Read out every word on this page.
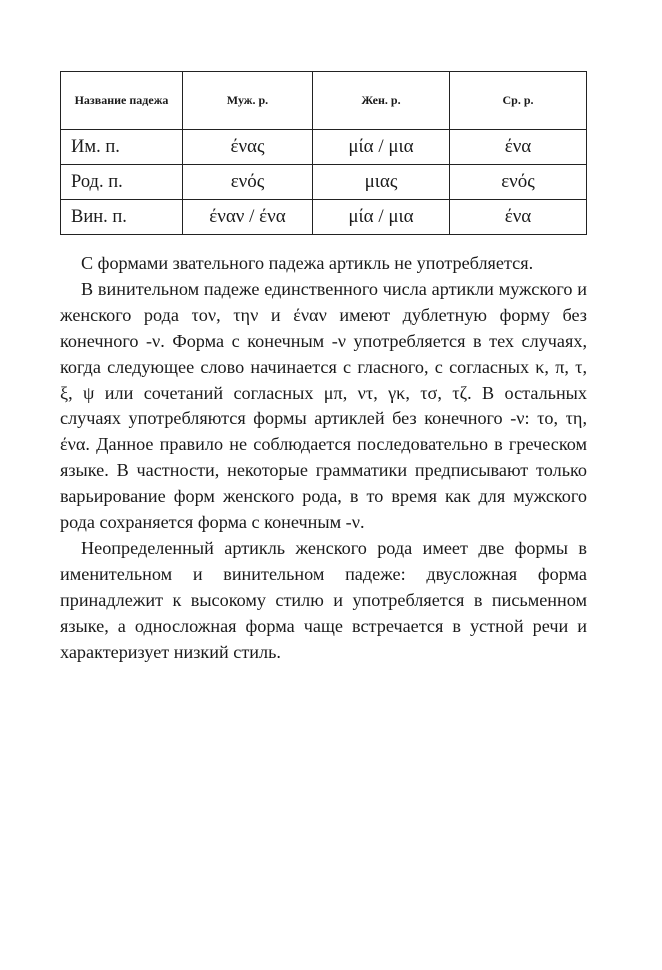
Название падежа	Муж. р.	Жен. р.	Ср. р.
Им. п.	ένας	μία / μια	ένα
Род. п.	ενός	μιας	ενός
Вин. п.	έναν / ένα	μία / μια	ένα

С формами звательного падежа артикль не употребляется.

В винительном падеже единственного числа артикли мужского и женского рода τον, την и έναν имеют дублетную форму без конечного -ν. Форма с конечным -ν употребляется в тех случаях, когда следующее слово начинается с гласного, с согласных κ, π, τ, ξ, ψ или сочетаний согласных μπ, ντ, γκ, τσ, τζ. В остальных случаях употребляются формы артиклей без конечного -ν: το, τη, ένα. Данное правило не соблюдается последовательно в греческом языке. В частности, некоторые грамматики предписывают только варьирование форм женского рода, в то время как для мужского рода сохраняется форма с конечным -ν.

Неопределенный артикль женского рода имеет две формы в именительном и винительном падеже: двусложная форма принадлежит к высокому стилю и употребляется в письменном языке, а односложная форма чаще встречается в устной речи и характеризует низкий стиль.
